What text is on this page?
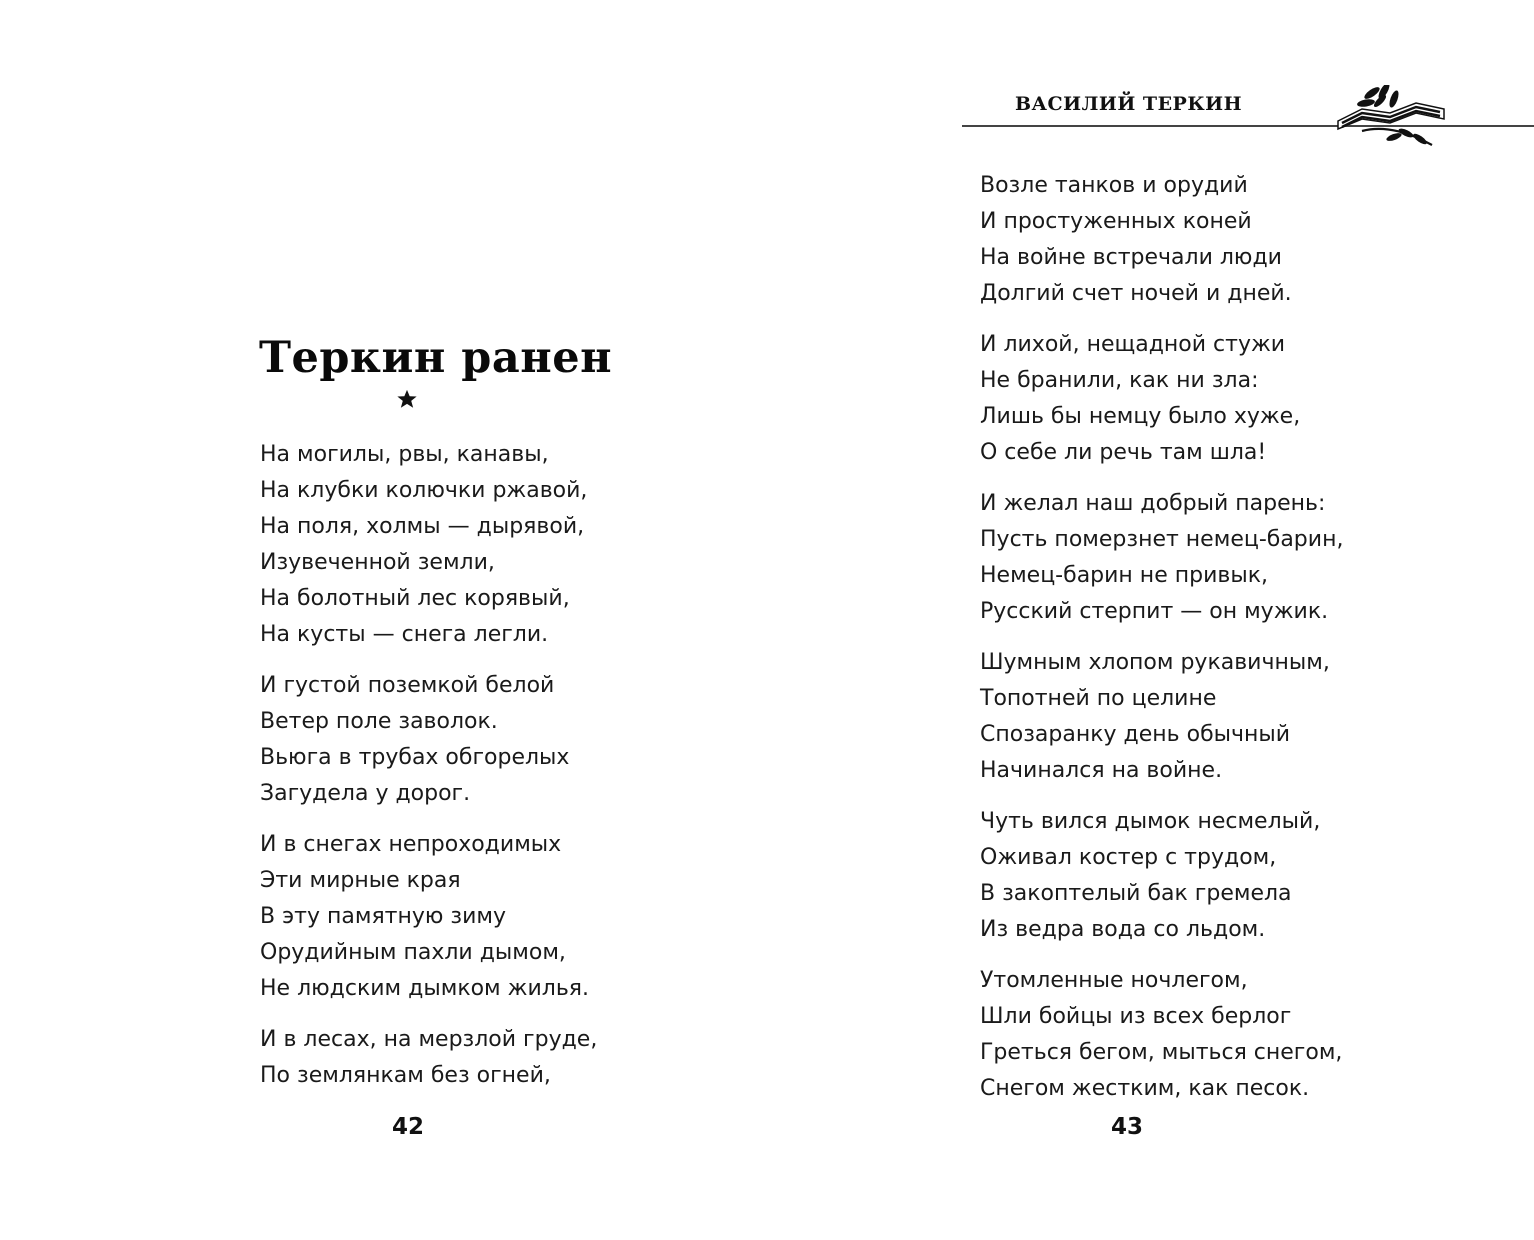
Теркин ранен
На могилы, рвы, канавы,
На клубки колючки ржавой,
На поля, холмы — дырявой,
Изувеченной земли,
На болотный лес корявый,
На кусты — снега легли.
И густой поземкой белой
Ветер поле заволок.
Вьюга в трубах обгорелых
Загудела у дорог.
И в снегах непроходимых
Эти мирные края
В эту памятную зиму
Орудийным пахли дымом,
Не людским дымком жилья.
И в лесах, на мерзлой груде,
По землянкам без огней,
42
ВАСИЛИЙ ТЕРКИН
Возле танков и орудий
И простуженных коней
На войне встречали люди
Долгий счет ночей и дней.
И лихой, нещадной стужи
Не бранили, как ни зла:
Лишь бы немцу было хуже,
О себе ли речь там шла!
И желал наш добрый парень:
Пусть померзнет немец-барин,
Немец-барин не привык,
Русский стерпит — он мужик.
Шумным хлопом рукавичным,
Топотней по целине
Спозаранку день обычный
Начинался на войне.
Чуть вился дымок несмелый,
Оживал костер с трудом,
В закоптелый бак гремела
Из ведра вода со льдом.
Утомленные ночлегом,
Шли бойцы из всех берлог
Греться бегом, мыться снегом,
Снегом жестким, как песок.
43
